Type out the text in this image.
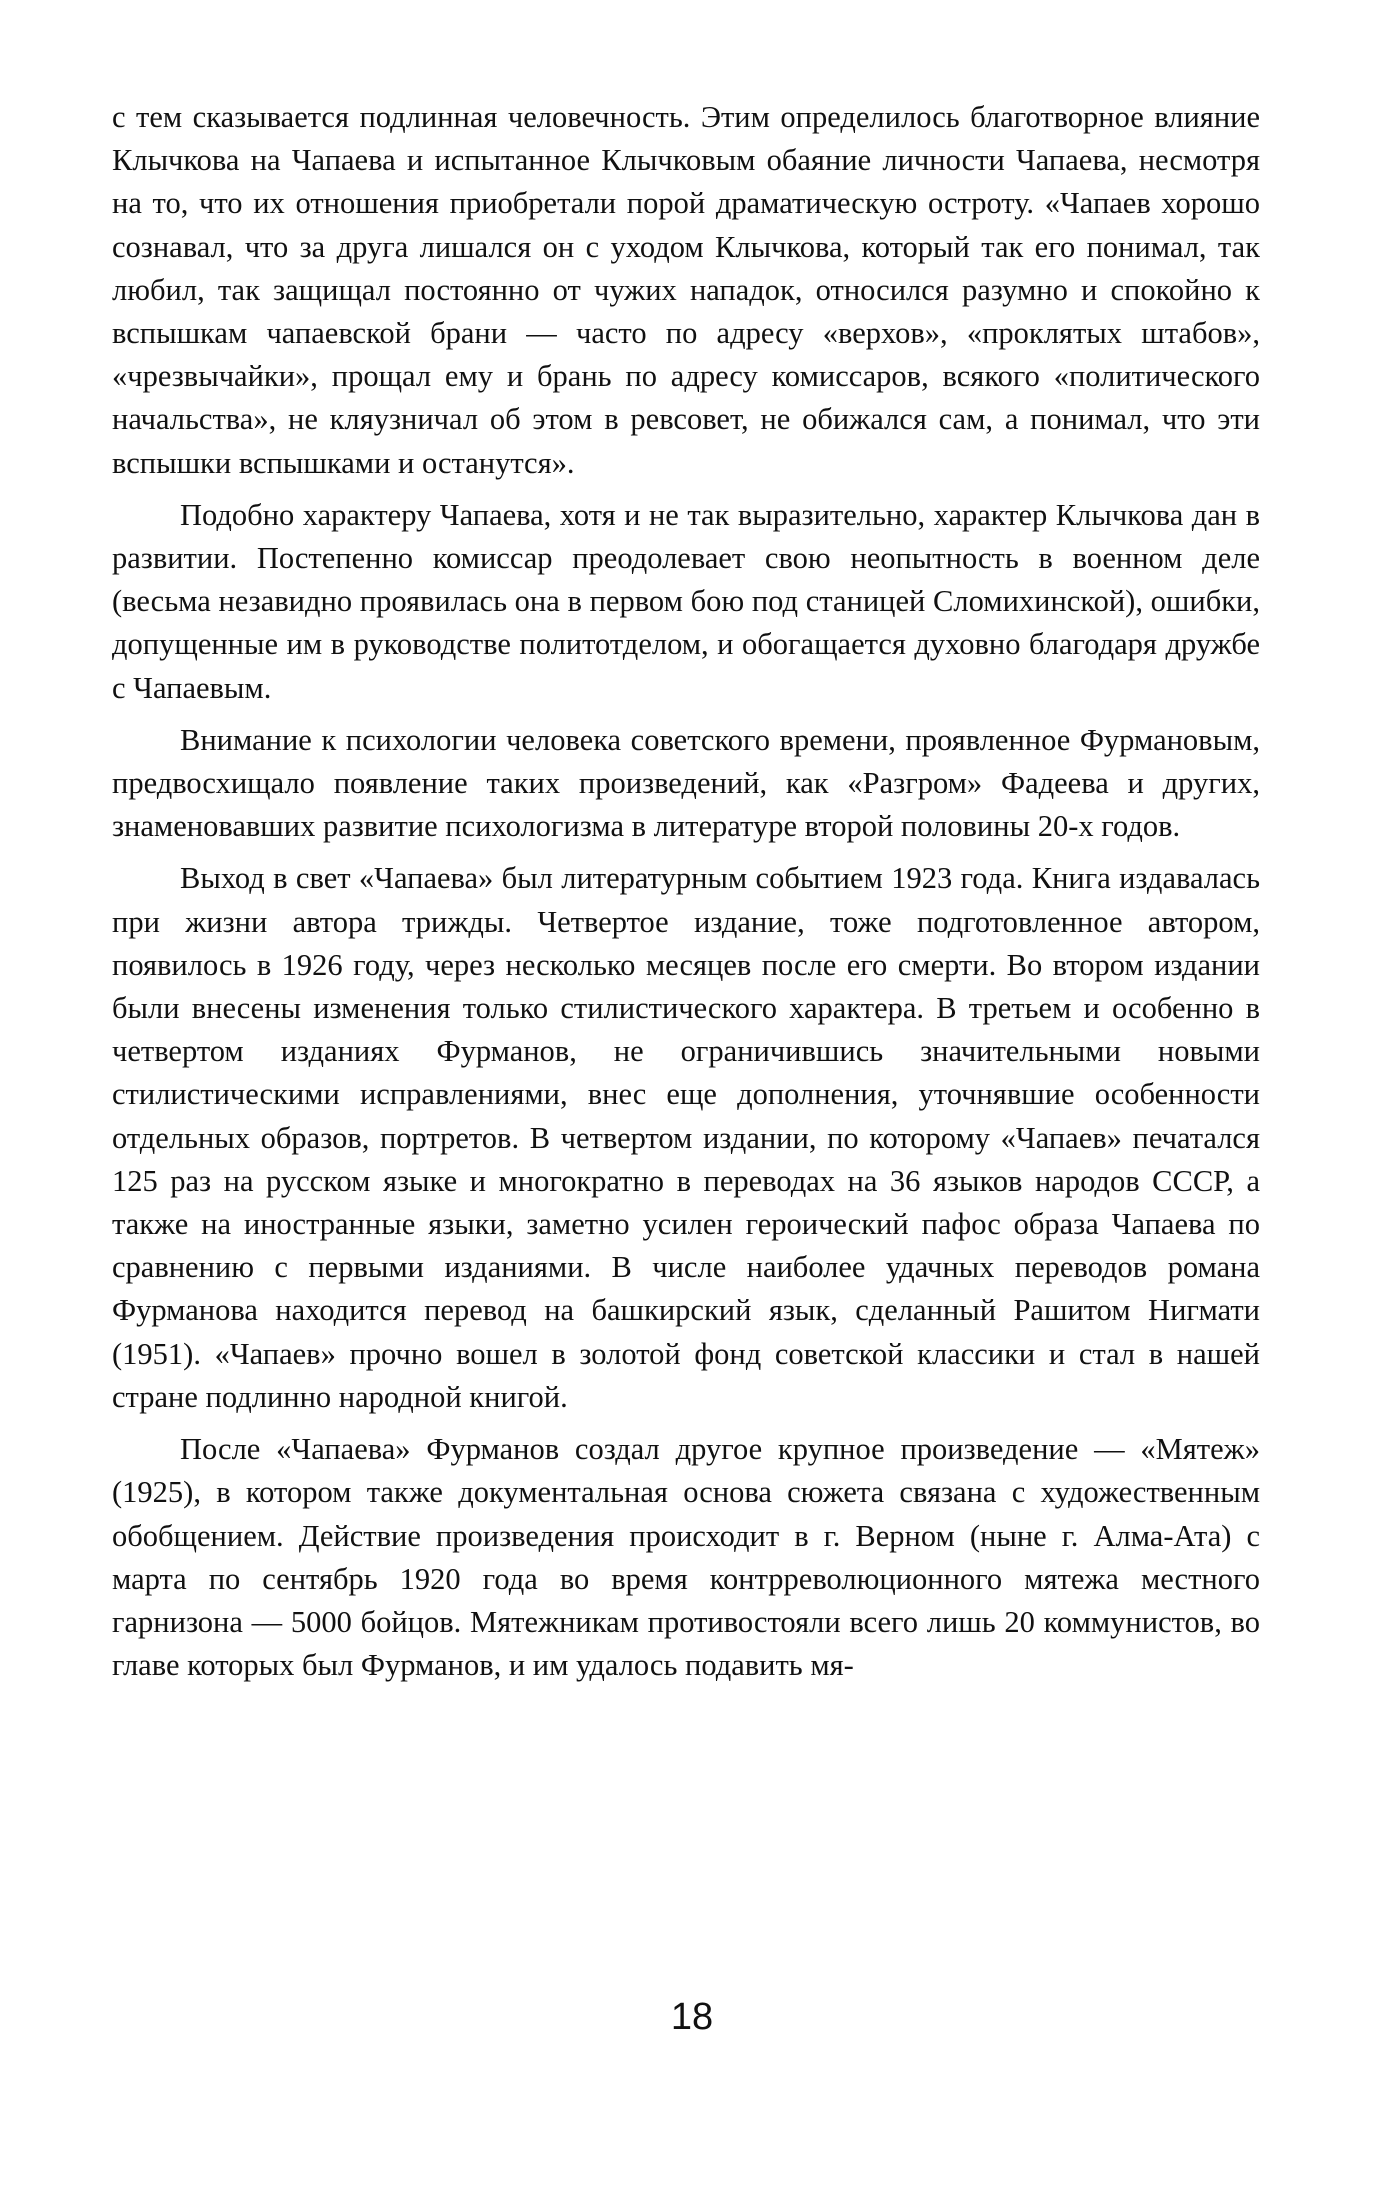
с тем сказывается подлинная человечность. Этим определилось благотворное влияние Клычкова на Чапаева и испытанное Клычковым обаяние личности Чапаева, несмотря на то, что их отношения приобретали порой драматическую остроту. «Чапаев хорошо сознавал, что за друга лишался он с уходом Клычкова, который так его понимал, так любил, так защищал постоянно от чужих нападок, относился разумно и спокойно к вспышкам чапаевской брани — часто по адресу «верхов», «проклятых штабов», «чрезвычайки», прощал ему и брань по адресу комиссаров, всякого «политического начальства», не кляузничал об этом в ревсовет, не обижался сам, а понимал, что эти вспышки вспышками и останутся».

Подобно характеру Чапаева, хотя и не так выразительно, характер Клычкова дан в развитии. Постепенно комиссар преодолевает свою неопытность в военном деле (весьма незавидно проявилась она в первом бою под станицей Сломихинской), ошибки, допущенные им в руководстве политотделом, и обогащается духовно благодаря дружбе с Чапаевым.

Внимание к психологии человека советского времени, проявленное Фурмановым, предвосхищало появление таких произведений, как «Разгром» Фадеева и других, знаменовавших развитие психологизма в литературе второй половины 20-х годов.

Выход в свет «Чапаева» был литературным событием 1923 года. Книга издавалась при жизни автора трижды. Четвертое издание, тоже подготовленное автором, появилось в 1926 году, через несколько месяцев после его смерти. Во втором издании были внесены изменения только стилистического характера. В третьем и особенно в четвертом изданиях Фурманов, не ограничившись значительными новыми стилистическими исправлениями, внес еще дополнения, уточнявшие особенности отдельных образов, портретов. В четвертом издании, по которому «Чапаев» печатался 125 раз на русском языке и многократно в переводах на 36 языков народов СССР, а также на иностранные языки, заметно усилен героический пафос образа Чапаева по сравнению с первыми изданиями. В числе наиболее удачных переводов романа Фурманова находится перевод на башкирский язык, сделанный Рашитом Нигмати (1951). «Чапаев» прочно вошел в золотой фонд советской классики и стал в нашей стране подлинно народной книгой.

После «Чапаева» Фурманов создал другое крупное произведение — «Мятеж» (1925), в котором также документальная основа сюжета связана с художественным обобщением. Действие произведения происходит в г. Верном (ныне г. Алма-Ата) с марта по сентябрь 1920 года во время контрреволюционного мятежа местного гарнизона — 5000 бойцов. Мятежникам противостояли всего лишь 20 коммунистов, во главе которых был Фурманов, и им удалось подавить мя-

18
